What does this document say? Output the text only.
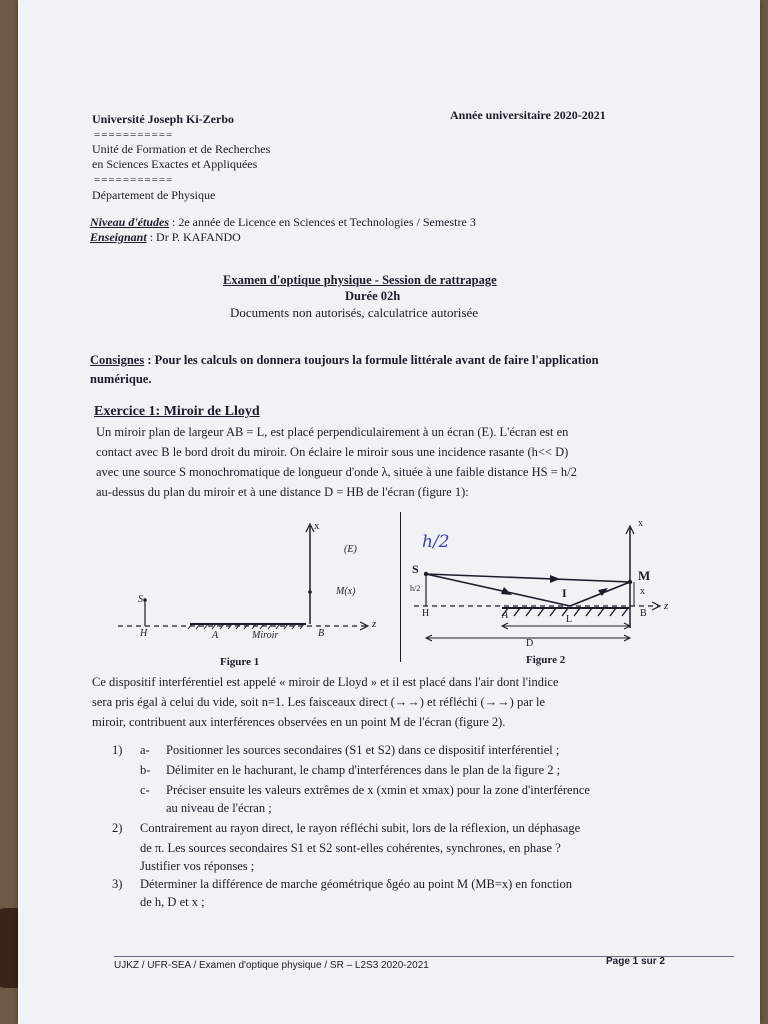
Université Joseph Ki-Zerbo	Année universitaire 2020-2021
===========
Unité de Formation et de Recherches
en Sciences Exactes et Appliquées
===========
Département de Physique
Niveau d'études : 2e année de Licence en Sciences et Technologies / Semestre 3
Enseignant : Dr P. KAFANDO
Examen d'optique physique - Session de rattrapage
Durée 02h
Documents non autorisés, calculatrice autorisée
Consignes : Pour les calculs on donnera toujours la formule littérale avant de faire l'application
numérique.
Exercice 1: Miroir de Lloyd
Un miroir plan de largeur AB = L, est placé perpendiculairement à un écran (E). L'écran est en
contact avec B le bord droit du miroir. On éclaire le miroir sous une incidence rasante (h<< D)
avec une source S monochromatique de longueur d'onde λ, située à une faible distance HS = h/2
au-dessus du plan du miroir et à une distance D = HB de l'écran (figure 1):
x
(E)
M(x)
S
H	A	Miroir	B
z
Figure 1
h/2
S
h/2
H	A
I
L
B
M
x
x
z
D
Figure 2
Ce dispositif interférentiel est appelé « miroir de Lloyd » et il est placé dans l'air dont l'indice
sera pris égal à celui du vide, soit n=1. Les faisceaux direct (→→) et réfléchi (→→) par le
miroir, contribuent aux interférences observées en un point M de l'écran (figure 2).
1) a- Positionner les sources secondaires (S1 et S2) dans ce dispositif interférentiel ;
b- Délimiter en le hachurant, le champ d'interférences dans le plan de la figure 2 ;
c- Préciser ensuite les valeurs extrêmes de x (xmin et xmax) pour la zone d'interférence
au niveau de l'écran ;
2) Contrairement au rayon direct, le rayon réfléchi subit, lors de la réflexion, un déphasage
de π. Les sources secondaires S1 et S2 sont-elles cohérentes, synchrones, en phase ?
Justifier vos réponses ;
3) Déterminer la différence de marche géométrique δgéo au point M (MB=x) en fonction
de h, D et x ;
UJKZ / UFR-SEA / Examen d'optique physique / SR – L2S3 2020-2021	Page 1 sur 2
